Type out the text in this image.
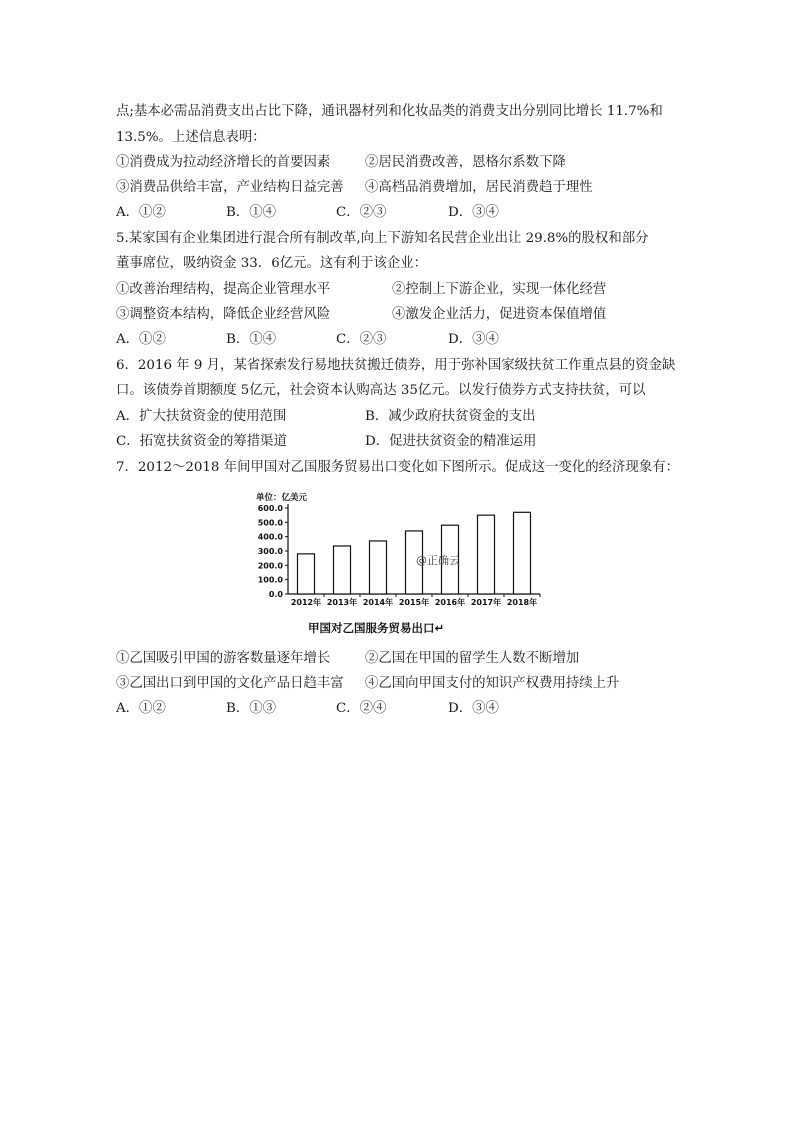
点;基本必需品消费支出占比下降，通讯器材列和化妆品类的消费支出分别同比增长 11.7%和
13.5%。上述信息表明：
①消费成为拉动经济增长的首要因素	②居民消费改善，恩格尔系数下降
③消费品供给丰富，产业结构日益完善 ④高档品消费增加，居民消费趋于理性
A．①②	B．①④	C．②③	D．③④
5.某家国有企业集团进行混合所有制改革,向上下游知名民营企业出让 29.8%的股权和部分
董事席位，吸纳资金 33．6亿元。这有利于该企业：
①改善治理结构，提高企业管理水平	②控制上下游企业，实现一体化经营
③调整资本结构，降低企业经营风险	④激发企业活力，促进资本保值增值
A．①②	B．①④	C．②③	D．③④
6．2016 年 9 月，某省探索发行易地扶贫搬迁债券，用于弥补国家级扶贫工作重点县的资金缺
口。该债券首期额度 5亿元，社会资本认购高达 35亿元。以发行债券方式支持扶贫，可以
A．扩大扶贫资金的使用范围	B．减少政府扶贫资金的支出
C．拓宽扶贫资金的筹措渠道	D．促进扶贫资金的精准运用
7．2012～2018 年间甲国对乙国服务贸易出口变化如下图所示。促成这一变化的经济现象有：
单位：亿美元
0.0
100.0
200.0
300.0
400.0
500.0
600.0
2012年 2013年 2014年 2015年 2016年 2017年 2018年
@正确云
甲国对乙国服务贸易出口↵
①乙国吸引甲国的游客数量逐年增长	②乙国在甲国的留学生人数不断增加
③乙国出口到甲国的文化产品日趋丰富 ④乙国向甲国支付的知识产权费用持续上升
A．①②	B．①③	C．②④	D．③④
